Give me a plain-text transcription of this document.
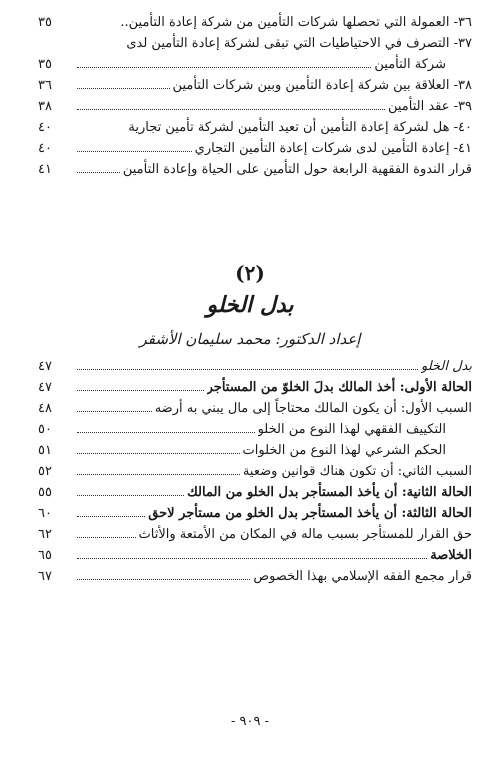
٣٦- العمولة التي تحصلها شركات التأمين من شركة إعادة التأمين..
٣٥
٣٧- التصرف في الاحتياطيات التي تبقى لشركة إعادة التأمين لدى
شركة التأمين
٣٥
٣٨- العلاقة بين شركة إعادة التأمين وبين شركات التأمين
٣٦
٣٩- عقد التأمين
٣٨
٤٠- هل لشركة إعادة التأمين أن تعيد التأمين لشركة تأمين تجارية
٤٠
٤١- إعادة التأمين لدى شركات إعادة التأمين التجاري
٤٠
قرار الندوة الفقهية الرابعة حول التأمين على الحياة وإعادة التأمين
٤١
(٢)
بدل الخلو
إعداد الدكتور: محمد سليمان الأشقر
بدل الخلو
٤٧
الحالة الأولى: أخذ المالك بدلَ الخلوّ من المستأجر
٤٧
السبب الأول: أن يكون المالك محتاجاً إلى مال يبني به أرضه
٤٨
التكييف الفقهي لهذا النوع من الخلو
٥٠
الحكم الشرعي لهذا النوع من الخلوات
٥١
السبب الثاني: أن تكون هناك قوانين وضعية
٥٢
الحالة الثانية: أن يأخذ المستأجر بدل الخلو من المالك
٥٥
الحالة الثالثة: أن يأخذ المستأجر بدل الخلو من مستأجر لاحق
٦٠
حق القرار للمستأجر بسبب ماله في المكان من الأمتعة والأثاث
٦٢
الخلاصة
٦٥
قرار مجمع الفقه الإسلامي بهذا الخصوص
٦٧
- ٩٠٩ -
